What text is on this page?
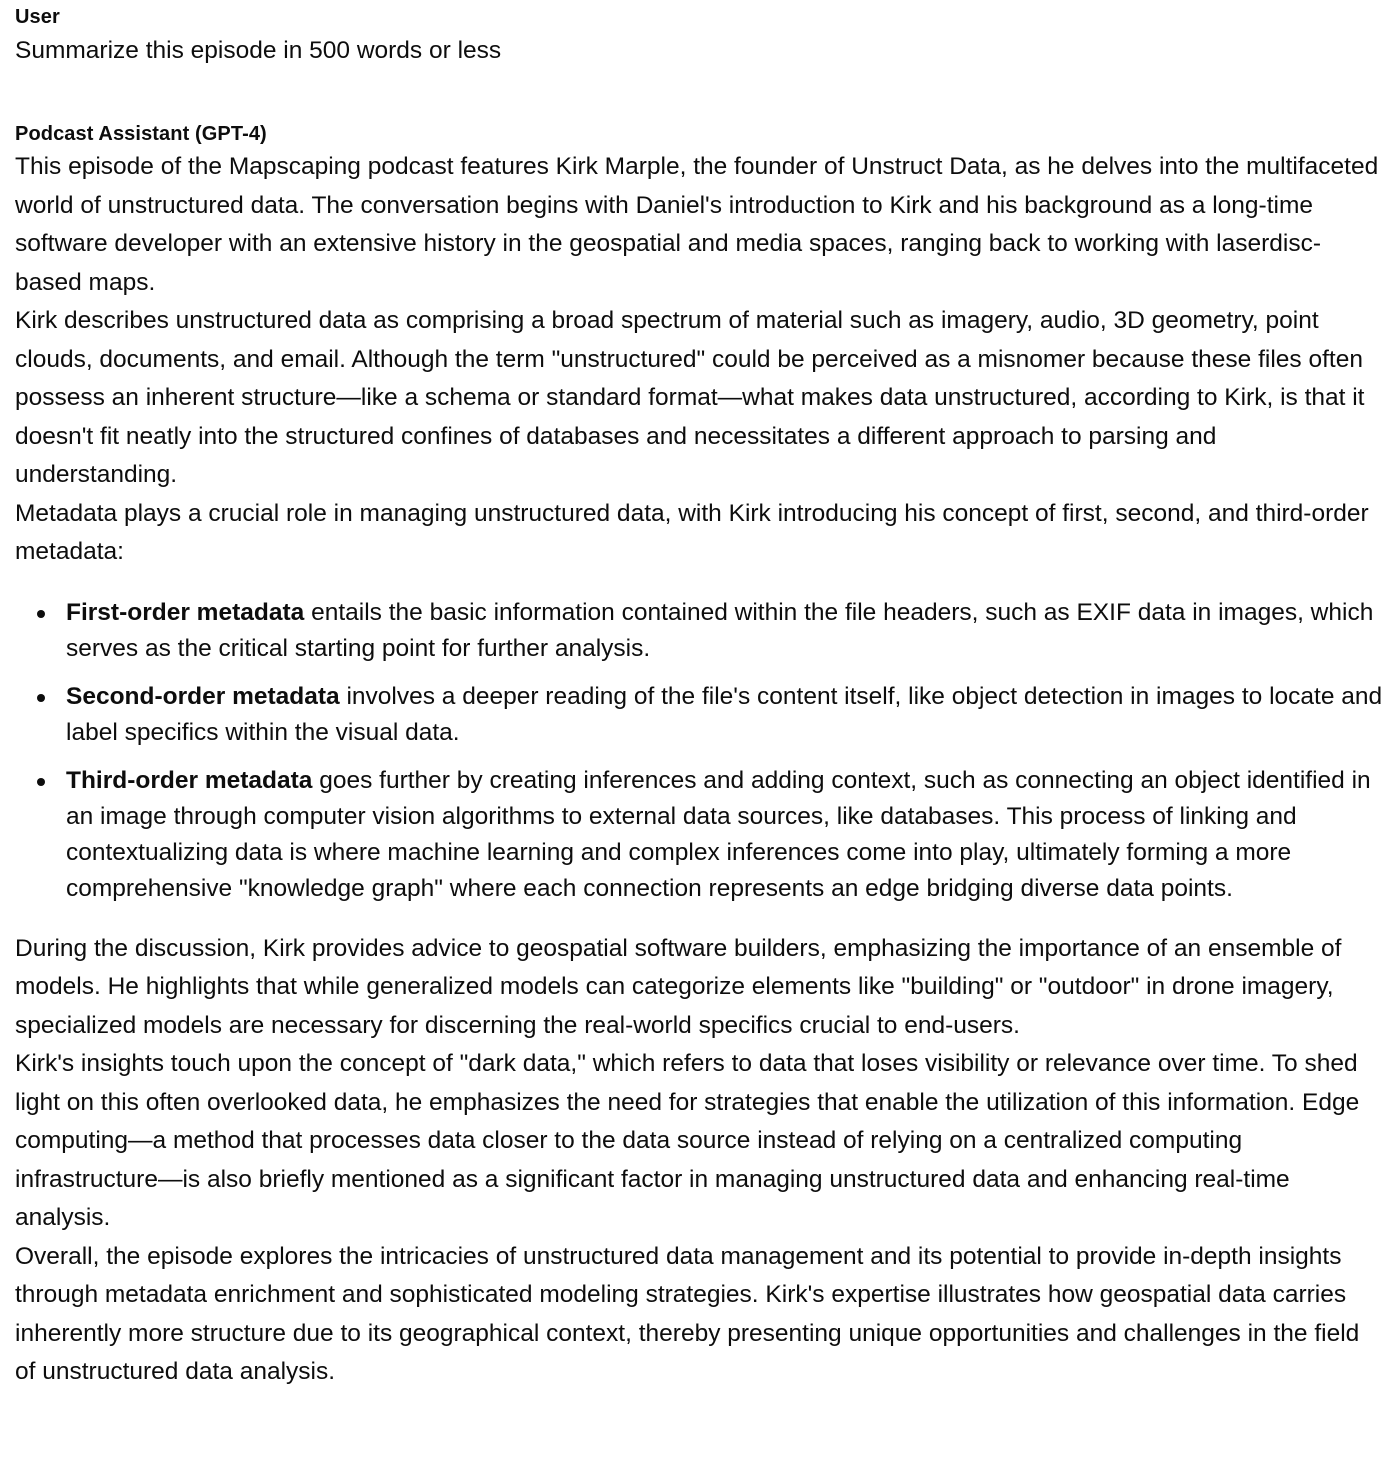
User
Summarize this episode in 500 words or less
Podcast Assistant (GPT-4)

This episode of the Mapscaping podcast features Kirk Marple, the founder of Unstruct Data, as he delves into the multifaceted world of unstructured data. The conversation begins with Daniel's introduction to Kirk and his background as a long-time software developer with an extensive history in the geospatial and media spaces, ranging back to working with laserdisc-based maps.

Kirk describes unstructured data as comprising a broad spectrum of material such as imagery, audio, 3D geometry, point clouds, documents, and email. Although the term "unstructured" could be perceived as a misnomer because these files often possess an inherent structure—like a schema or standard format—what makes data unstructured, according to Kirk, is that it doesn't fit neatly into the structured confines of databases and necessitates a different approach to parsing and understanding.

Metadata plays a crucial role in managing unstructured data, with Kirk introducing his concept of first, second, and third-order metadata:

First-order metadata entails the basic information contained within the file headers, such as EXIF data in images, which serves as the critical starting point for further analysis.
Second-order metadata involves a deeper reading of the file's content itself, like object detection in images to locate and label specifics within the visual data.
Third-order metadata goes further by creating inferences and adding context, such as connecting an object identified in an image through computer vision algorithms to external data sources, like databases. This process of linking and contextualizing data is where machine learning and complex inferences come into play, ultimately forming a more comprehensive "knowledge graph" where each connection represents an edge bridging diverse data points.

During the discussion, Kirk provides advice to geospatial software builders, emphasizing the importance of an ensemble of models. He highlights that while generalized models can categorize elements like "building" or "outdoor" in drone imagery, specialized models are necessary for discerning the real-world specifics crucial to end-users.

Kirk's insights touch upon the concept of "dark data," which refers to data that loses visibility or relevance over time. To shed light on this often overlooked data, he emphasizes the need for strategies that enable the utilization of this information. Edge computing—a method that processes data closer to the data source instead of relying on a centralized computing infrastructure—is also briefly mentioned as a significant factor in managing unstructured data and enhancing real-time analysis.

Overall, the episode explores the intricacies of unstructured data management and its potential to provide in-depth insights through metadata enrichment and sophisticated modeling strategies. Kirk's expertise illustrates how geospatial data carries inherently more structure due to its geographical context, thereby presenting unique opportunities and challenges in the field of unstructured data analysis.
